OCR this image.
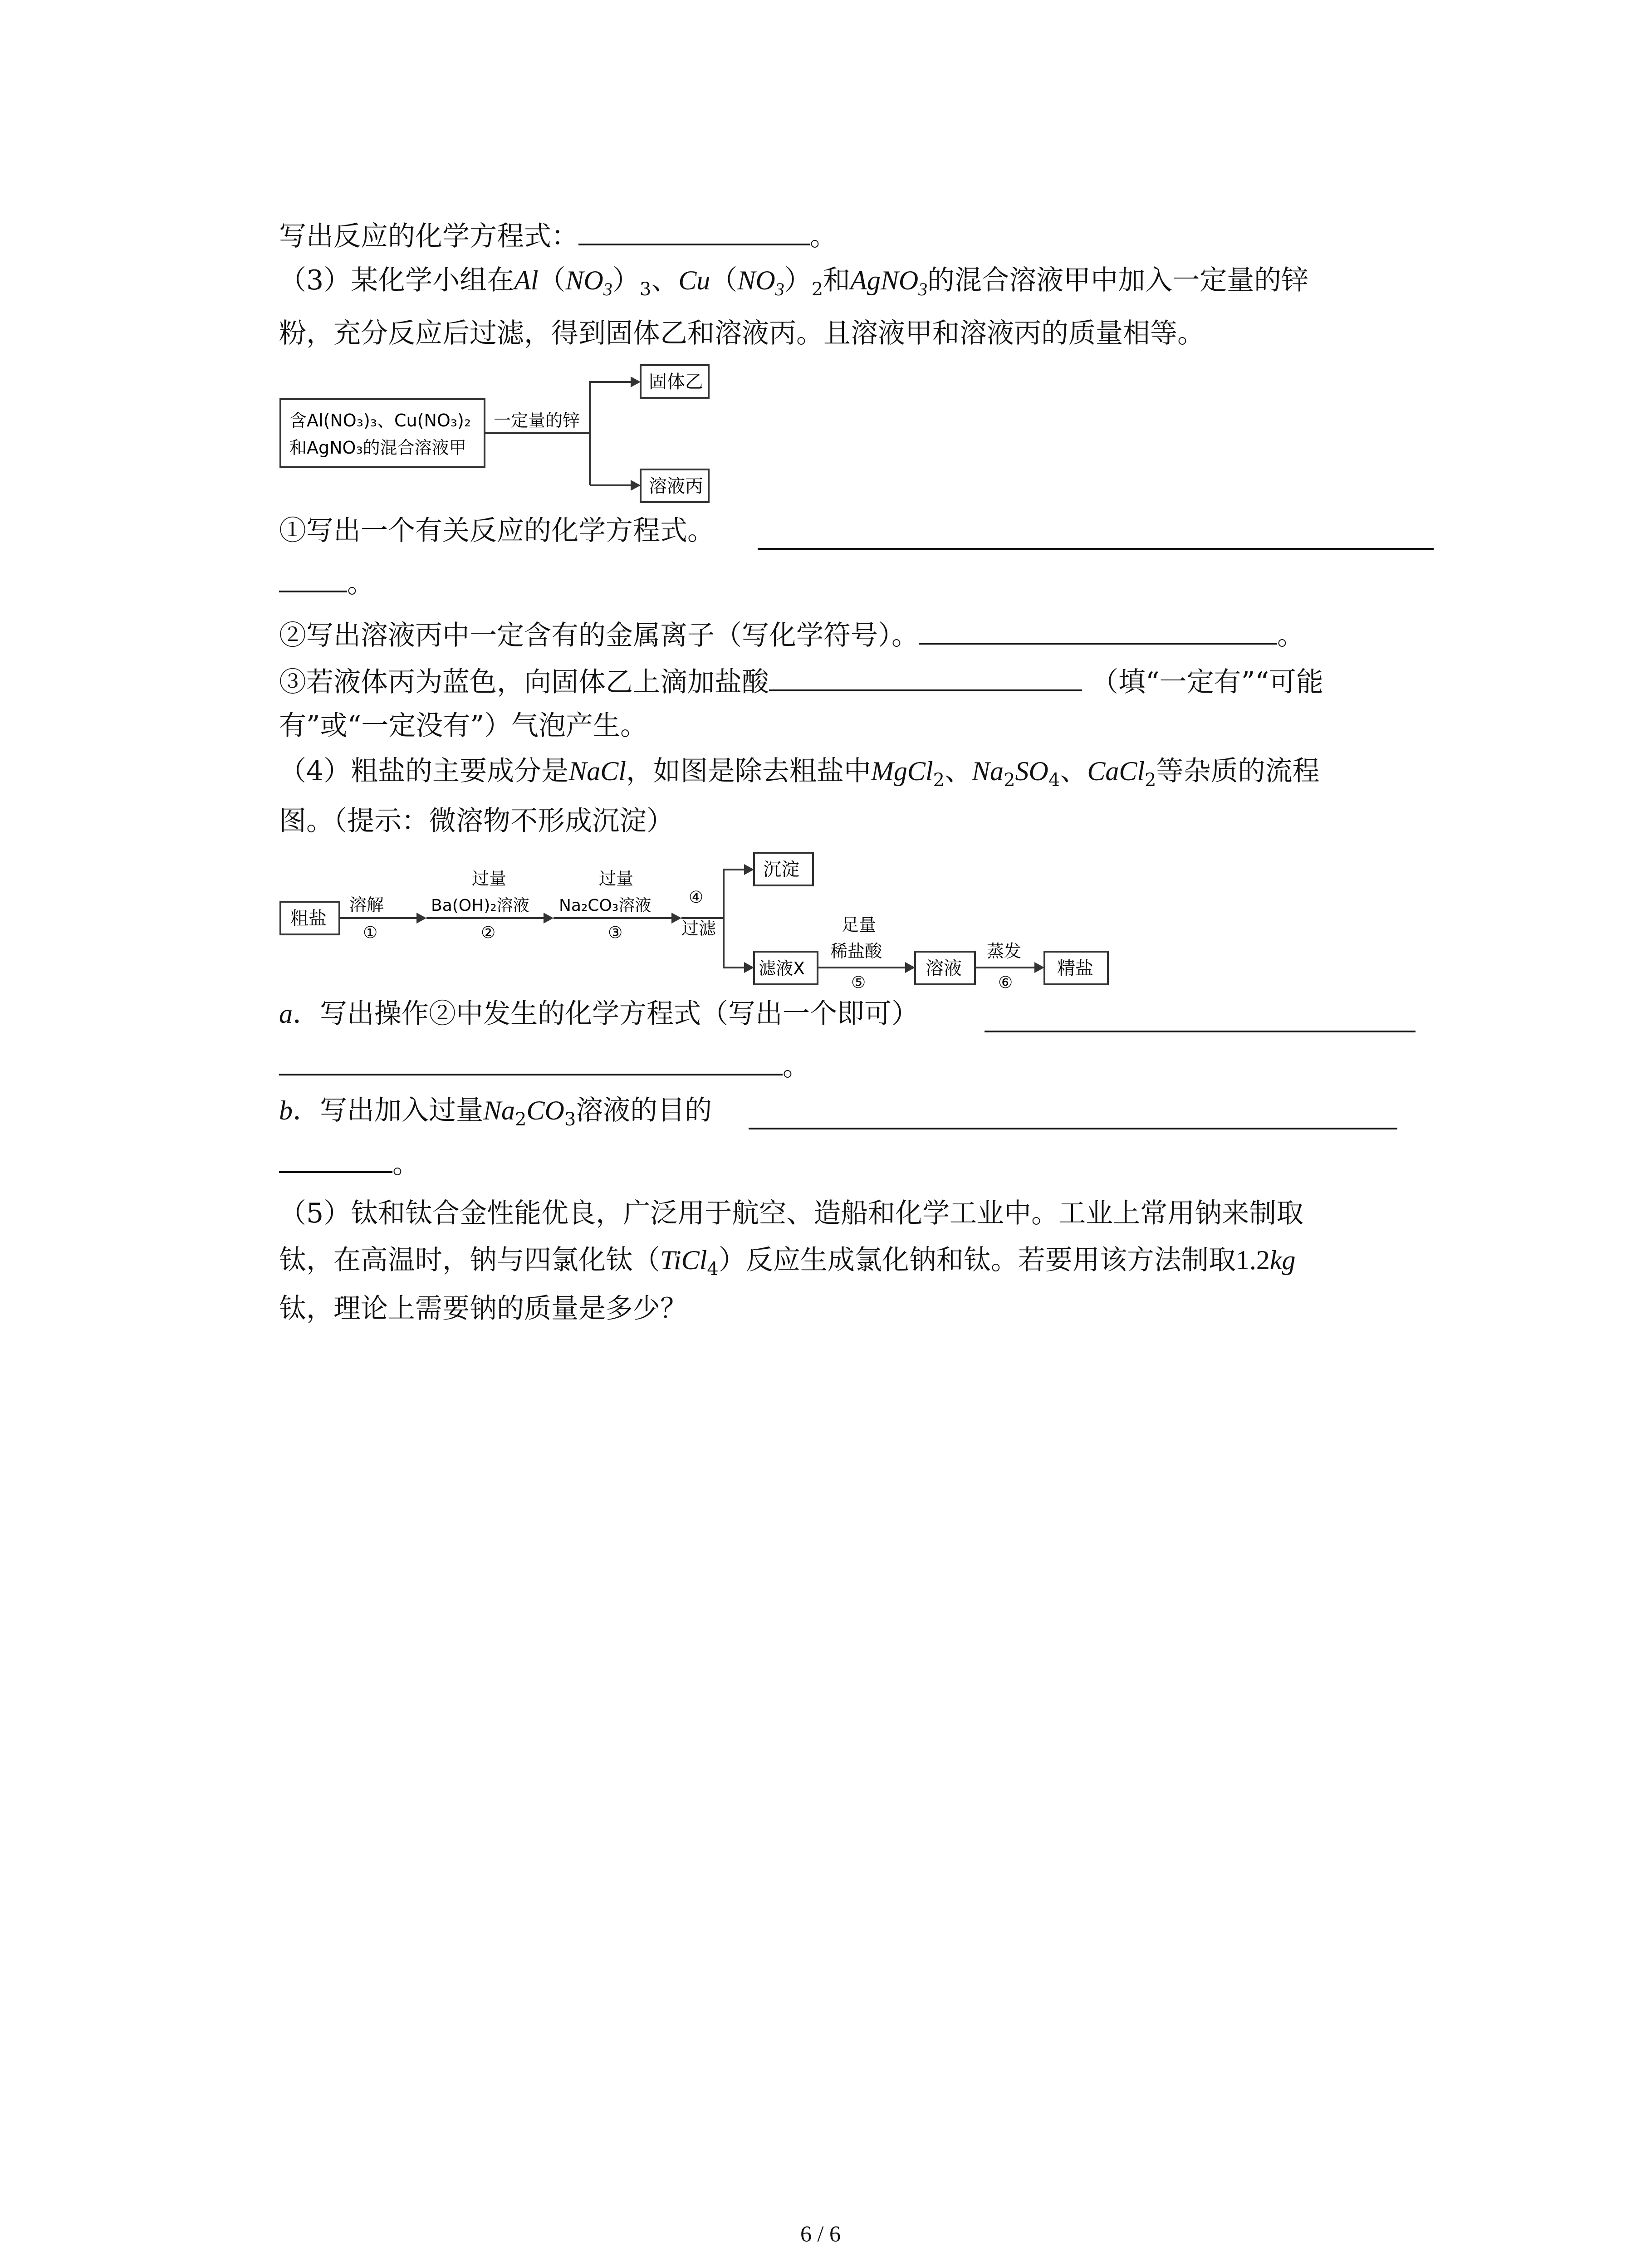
写出反应的化学方程式：	。
（3）某化学小组在$Al(NO_3)_3$、$Cu(NO_3)_2$和AgNO$_3$的混合溶液甲中加入一定量的锌
粉，充分反应后过滤，得到固体乙和溶液丙。且溶液甲和溶液丙的质量相等。
含Al(NO₃)₃、Cu(NO₃)₂
和AgNO₃的混合溶液甲
一定量的锌
固体乙
溶液丙
①写出一个有关反应的化学方程式。
。
②写出溶液丙中一定含有的金属离子（写化学符号）。	。
③若液体丙为蓝色，向固体乙上滴加盐酸	（填“一定有”“可能
有”或“一定没有”）气泡产生。
（4）粗盐的主要成分是NaCl，如图是除去粗盐中MgCl$_2$、$Na_2SO_4$、CaCl$_2$等杂质的流程
图。（提示：微溶物不形成沉淀）
粗盐
溶解
①
过量
Ba(OH)₂溶液
②
过量
Na₂CO₃溶液
③
④
过滤
沉淀
滤液X
足量
稀盐酸
⑤
溶液
蒸发
⑥
精盐
a．写出操作②中发生的化学方程式（写出一个即可）
。
b．写出加入过量$Na_2CO_3$溶液的目的
。
（5）钛和钛合金性能优良，广泛用于航空、造船和化学工业中。工业上常用钠来制取
钛，在高温时，钠与四氯化钛（TiCl$_4$）反应生成氯化钠和钛。若要用该方法制取1.2kg
钛，理论上需要钠的质量是多少？
6 / 6
